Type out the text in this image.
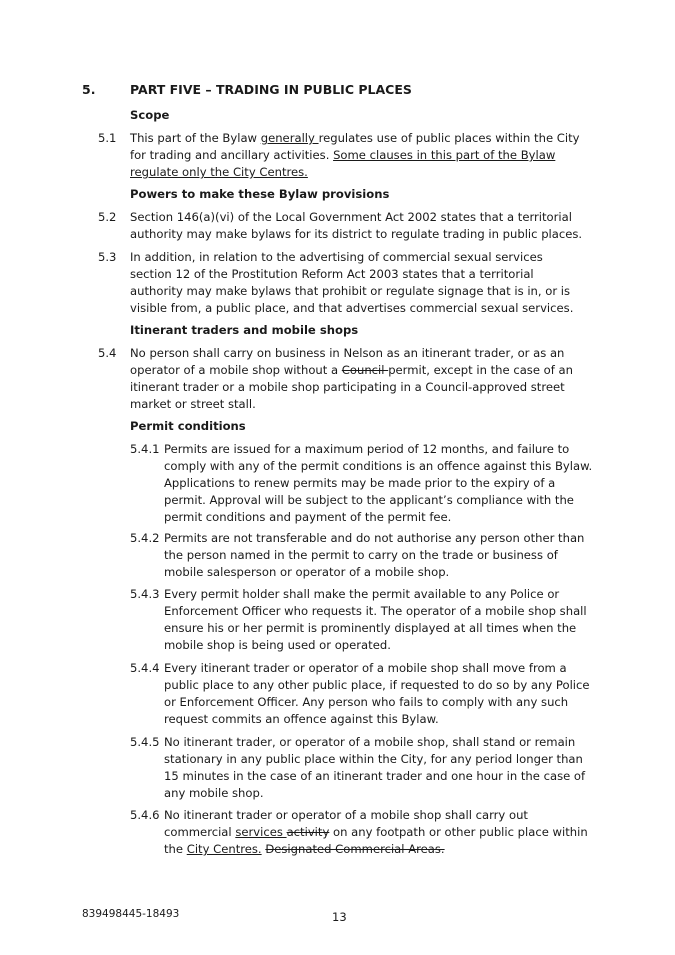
5.	PART FIVE – TRADING IN PUBLIC PLACES
Scope
5.1 This part of the Bylaw generally regulates use of public places within the City for trading and ancillary activities. Some clauses in this part of the Bylaw regulate only the City Centres.
Powers to make these Bylaw provisions
5.2 Section 146(a)(vi) of the Local Government Act 2002 states that a territorial authority may make bylaws for its district to regulate trading in public places.
5.3 In addition, in relation to the advertising of commercial sexual services section 12 of the Prostitution Reform Act 2003 states that a territorial authority may make bylaws that prohibit or regulate signage that is in, or is visible from, a public place, and that advertises commercial sexual services.
Itinerant traders and mobile shops
5.4 No person shall carry on business in Nelson as an itinerant trader, or as an operator of a mobile shop without a Council permit, except in the case of an itinerant trader or a mobile shop participating in a Council-approved street market or street stall.
Permit conditions
5.4.1 Permits are issued for a maximum period of 12 months, and failure to comply with any of the permit conditions is an offence against this Bylaw. Applications to renew permits may be made prior to the expiry of a permit. Approval will be subject to the applicant’s compliance with the permit conditions and payment of the permit fee.
5.4.2 Permits are not transferable and do not authorise any person other than the person named in the permit to carry on the trade or business of mobile salesperson or operator of a mobile shop.
5.4.3 Every permit holder shall make the permit available to any Police or Enforcement Officer who requests it. The operator of a mobile shop shall ensure his or her permit is prominently displayed at all times when the mobile shop is being used or operated.
5.4.4 Every itinerant trader or operator of a mobile shop shall move from a public place to any other public place, if requested to do so by any Police or Enforcement Officer. Any person who fails to comply with any such request commits an offence against this Bylaw.
5.4.5 No itinerant trader, or operator of a mobile shop, shall stand or remain stationary in any public place within the City, for any period longer than 15 minutes in the case of an itinerant trader and one hour in the case of any mobile shop.
5.4.6 No itinerant trader or operator of a mobile shop shall carry out commercial services activity on any footpath or other public place within the City Centres. Designated Commercial Areas.
839498445-18493	13
